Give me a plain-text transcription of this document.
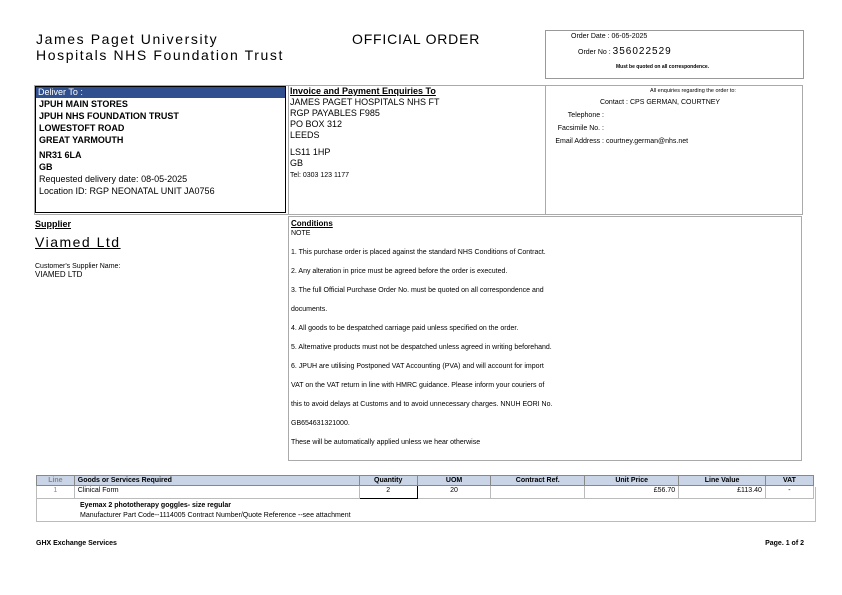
James Paget University
Hospitals NHS Foundation Trust
OFFICIAL ORDER	Order Date : 06-05-2025
Order No : 356022529
Must be quoted on all correspondence.
Deliver To :
JPUH MAIN STORES
JPUH NHS FOUNDATION TRUST
LOWESTOFT ROAD
GREAT YARMOUTH
NR31 6LA
GB
Requested delivery date: 08-05-2025
Location ID: RGP NEONATAL UNIT JA0756
Invoice and Payment Enquiries To
JAMES PAGET HOSPITALS NHS FT
RGP PAYABLES F985
PO BOX 312
LEEDS
LS11 1HP
GB
Tel: 0303 123 1177
All enquiries regarding the order to:
Contact : CPS GERMAN, COURTNEY
Telephone :
Facsimile No. :
Email Address : courtney.german@nhs.net
Supplier
Viamed Ltd
Customer's Supplier Name:
VIAMED LTD
Conditions
NOTE
1. This purchase order is placed against the standard NHS Conditions of Contract.
2. Any alteration in price must be agreed before the order is executed.
3. The full Official Purchase Order No. must be quoted on all correspondence and
documents.
4. All goods to be despatched carriage paid unless specified on the order.
5. Alternative products must not be despatched unless agreed in writing beforehand.
6. JPUH are utilising Postponed VAT Accounting (PVA) and will account for import
VAT on the VAT return in line with HMRC guidance. Please inform your couriers of
this to avoid delays at Customs and to avoid unnecessary charges. NNUH EORI No.
GB654631321000.
These will be automatically applied unless we hear otherwise
Line	Goods or Services Required	Quantity	UOM	Contract Ref.	Unit Price	Line Value	VAT
1	Clinical Form	2	20		£56.70	£113.40	-
Eyemax 2 phototherapy goggles- size regular
Manufacturer Part Code--1114005 Contract Number/Quote Reference --see attachment
GHX Exchange Services	Page. 1 of 2
